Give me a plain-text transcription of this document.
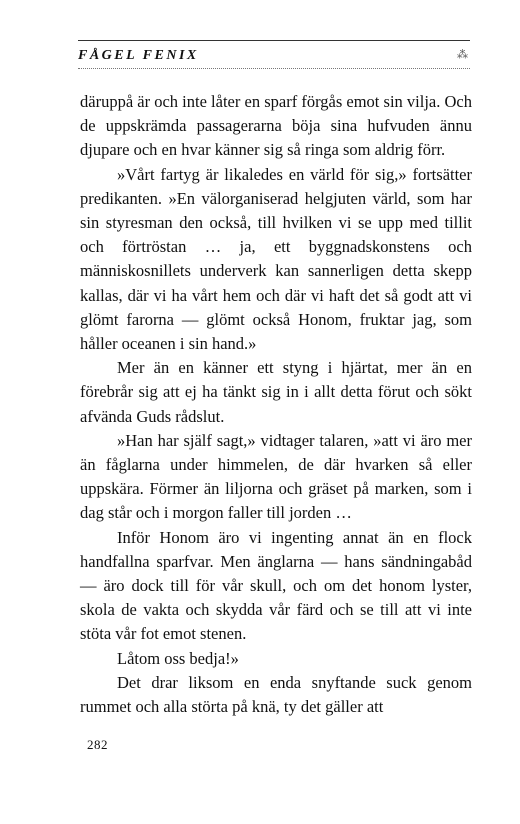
FÅGEL FENIX	⁂

däruppå är och inte låter en sparf förgås emot sin vilja. Och de uppskrämda passagerarna böja sina hufvuden ännu djupare och en hvar känner sig så ringa som aldrig förr.

»Vårt fartyg är likaledes en värld för sig,» fortsätter predikanten. »En välorganiserad helgjuten värld, som har sin styresman den också, till hvilken vi se upp med tillit och förtröstan … ja, ett byggnadskonstens och människosnillets underverk kan sannerligen detta skepp kallas, där vi ha vårt hem och där vi haft det så godt att vi glömt farorna — glömt också Honom, fruktar jag, som håller oceanen i sin hand.»

Mer än en känner ett styng i hjärtat, mer än en förebrår sig att ej ha tänkt sig in i allt detta förut och sökt afvända Guds rådslut.

»Han har själf sagt,» vidtager talaren, »att vi äro mer än fåglarna under himmelen, de där hvarken så eller uppskära. Förmer än liljorna och gräset på marken, som i dag står och i morgon faller till jorden …

Inför Honom äro vi ingenting annat än en flock handfallna sparfvar. Men änglarna — hans sändningabåd — äro dock till för vår skull, och om det honom lyster, skola de vakta och skydda vår färd och se till att vi inte stöta vår fot emot stenen.

Låtom oss bedja!»

Det drar liksom en enda snyftande suck genom rummet och alla störta på knä, ty det gäller att

282
